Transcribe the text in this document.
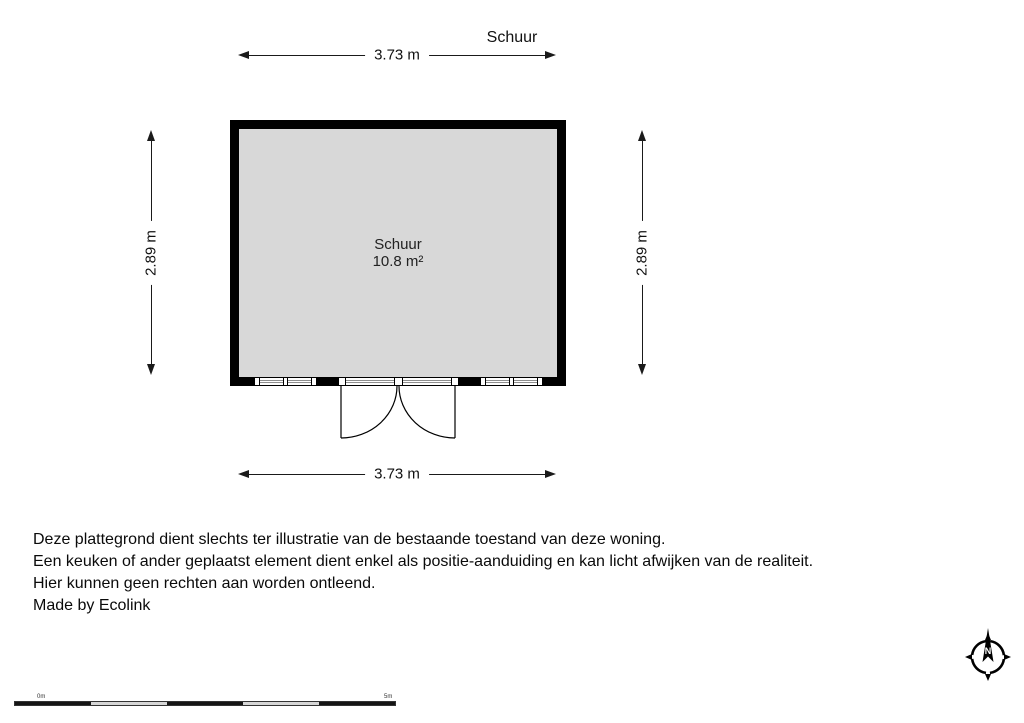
Schuur
3.73 m
2.89 m	2.89 m
3.73 m
Schuur
10.8 m²
Deze plattegrond dient slechts ter illustratie van de bestaande toestand van deze woning.
Een keuken of ander geplaatst element dient enkel als positie-aanduiding en kan licht afwijken van de realiteit.
Hier kunnen geen rechten aan worden ontleend.
Made by Ecolink
0m	5m
N
